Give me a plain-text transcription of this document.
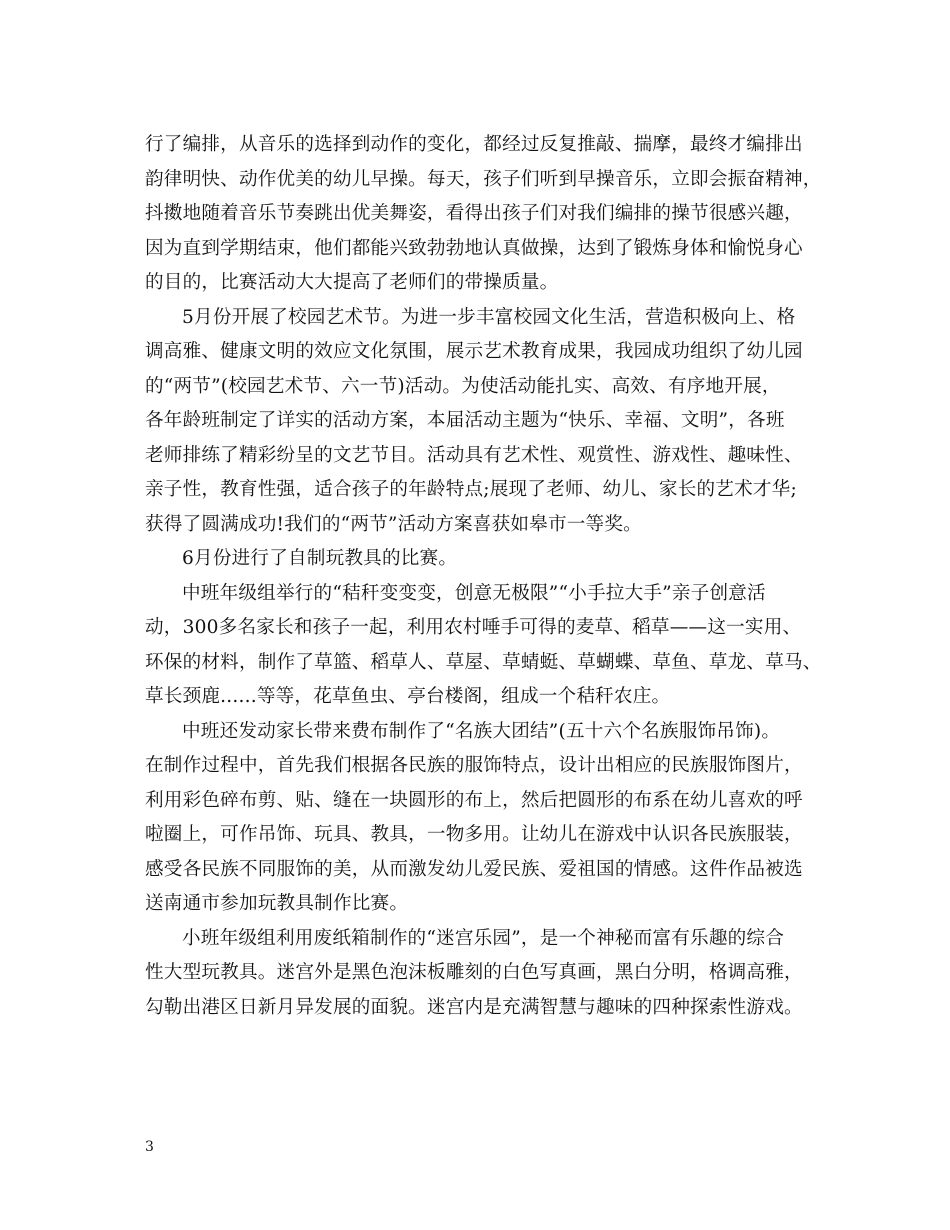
行了编排，从音乐的选择到动作的变化，都经过反复推敲、揣摩，最终才编排出
韵律明快、动作优美的幼儿早操。每天，孩子们听到早操音乐，立即会振奋精神，
抖擞地随着音乐节奏跳出优美舞姿，看得出孩子们对我们编排的操节很感兴趣，
因为直到学期结束，他们都能兴致勃勃地认真做操，达到了锻炼身体和愉悦身心
的目的，比赛活动大大提高了老师们的带操质量。
5月份开展了校园艺术节。为进一步丰富校园文化生活，营造积极向上、格
调高雅、健康文明的效应文化氛围，展示艺术教育成果，我园成功组织了幼儿园
的“两节”(校园艺术节、六一节)活动。为使活动能扎实、高效、有序地开展，
各年龄班制定了详实的活动方案，本届活动主题为“快乐、幸福、文明”，各班
老师排练了精彩纷呈的文艺节目。活动具有艺术性、观赏性、游戏性、趣味性、
亲子性，教育性强，适合孩子的年龄特点;展现了老师、幼儿、家长的艺术才华;
获得了圆满成功!我们的“两节”活动方案喜获如皋市一等奖。
6月份进行了自制玩教具的比赛。
中班年级组举行的“秸秆变变变，创意无极限”“小手拉大手”亲子创意活
动，300多名家长和孩子一起，利用农村唾手可得的麦草、稻草——这一实用、
环保的材料，制作了草篮、稻草人、草屋、草蜻蜓、草蝴蝶、草鱼、草龙、草马、
草长颈鹿......等等，花草鱼虫、亭台楼阁，组成一个秸秆农庄。
中班还发动家长带来费布制作了“名族大团结”(五十六个名族服饰吊饰)。
在制作过程中，首先我们根据各民族的服饰特点，设计出相应的民族服饰图片，
利用彩色碎布剪、贴、缝在一块圆形的布上，然后把圆形的布系在幼儿喜欢的呼
啦圈上，可作吊饰、玩具、教具，一物多用。让幼儿在游戏中认识各民族服装，
感受各民族不同服饰的美，从而激发幼儿爱民族、爱祖国的情感。这件作品被选
送南通市参加玩教具制作比赛。
小班年级组利用废纸箱制作的“迷宫乐园”，是一个神秘而富有乐趣的综合
性大型玩教具。迷宫外是黑色泡沫板雕刻的白色写真画，黑白分明，格调高雅，
勾勒出港区日新月异发展的面貌。迷宫内是充满智慧与趣味的四种探索性游戏。
3
